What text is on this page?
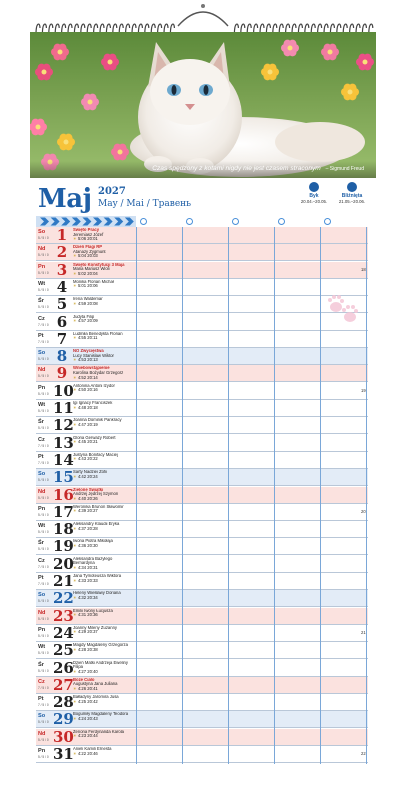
Czas spędzony z kotami nigdy nie jest czasem straconym – Sigmund Freud
Maj 2027
May / Mai / Травень
Byk
20.04.–20.05.
Bliźnięta
21.05.–20.06.
So
5 / 5 / 0 1	Święto Pracy
Jeremiasz Józef
☀ 5:06 20:01
Nd
5 / 5 / 0 2	Dzień Flagi RP
Atanazy Zygmunt
☀ 5:04 20:03
Pn
5 / 5 / 0 3	Święto Konstytucji 3 Maja
Maria Mariusz Wioli
☀ 5:02 20:04
18
Wt
5 / 5 / 0 4	Monika Florian Michał
☀ 5:01 20:06
Śr
5 / 5 / 0 5	Irena Waldemar
☀ 4:59 20:08
Cz
7 / 5 / 0 6	Judyta Filip
☀ 4:57 20:09
Pt
7 / 5 / 0 7	Ludmiła Benedykta Florian
☀ 4:55 20:11
So
5 / 5 / 0 8	NO Zwycięstwa
Lucy Stanisław Wiktor
☀ 4:53 20:13
Nd
5 / 5 / 0 9	Wniebowstąpienie
Karolina Bożydar Grzegorz
☀ 4:52 20:14
Pn
5 / 5 / 0 10 Antonina Antoni Izydor
☀ 4:50 20:16	19
Wt
5 / 5 / 0 11 Igi Ignacy Franciszek
☀ 4:48 20:18
Śr
5 / 5 / 0 12 Joanna Dominik Pankracy
☀ 4:47 20:19
Cz
7 / 5 / 0 13 Gloria Gerwazy Robert
☀ 4:45 20:21
Pt
7 / 5 / 0 14 Justyna Bonifacy Maciej
☀ 4:43 20:22
So
5 / 5 / 0 15 Sarty Nadziei Zofii
☀ 4:42 20:24
Nd
5 / 5 / 0 16 Zielone Świątki
Andrzej Jędrzej Szymon
☀ 4:40 20:26
Pn
5 / 5 / 0 17 Weronika Brunon Sławomir
☀ 4:39 20:27	20
Wt
5 / 5 / 0 18 Aleksandry Klaudii Eryka
☀ 4:37 20:28
Śr
5 / 5 / 0 19 Iwona Piotra Mikołaja
☀ 4:36 20:30
Cz
7 / 5 / 0 20 Aleksandra Bazylego Bernardyna
☀ 4:34 20:31
Pt
7 / 5 / 0 21 Jana Tymoteusza Wiktora
☀ 4:33 20:33
So
5 / 5 / 0 22 Heleny Wiesławy Doriana
☀ 4:32 20:34
Nd
5 / 5 / 0 23 Emilii Iwony Łucjusza
☀ 4:31 20:36
Pn
5 / 5 / 0 24 Joanny Mileny Zuzanny
☀ 4:29 20:37	21
Wt
5 / 5 / 0 25 Magdy Magdaleny Grzegorza
☀ 4:28 20:38
Śr
5 / 5 / 0 26 Dzień Matki Andrzeja Eweliny Filipa
☀ 4:27 20:40
Cz
7 / 5 / 0 27 Boże Ciało
Augustyna Jana Juliana
☀ 4:26 20:41
Pt
7 / 5 / 0 28 Bałladyny Jaromira Jusa
☀ 4:25 20:42
So
5 / 5 / 0 29 Bogumiły Magdaleny Teodora
☀ 4:24 20:43
Nd
5 / 5 / 0 30 Zenona Ferdynanda Karola
☀ 4:23 20:44
Pn
5 / 5 / 0 31 Anieli Kamili Ernesta
☀ 4:22 20:46	22
